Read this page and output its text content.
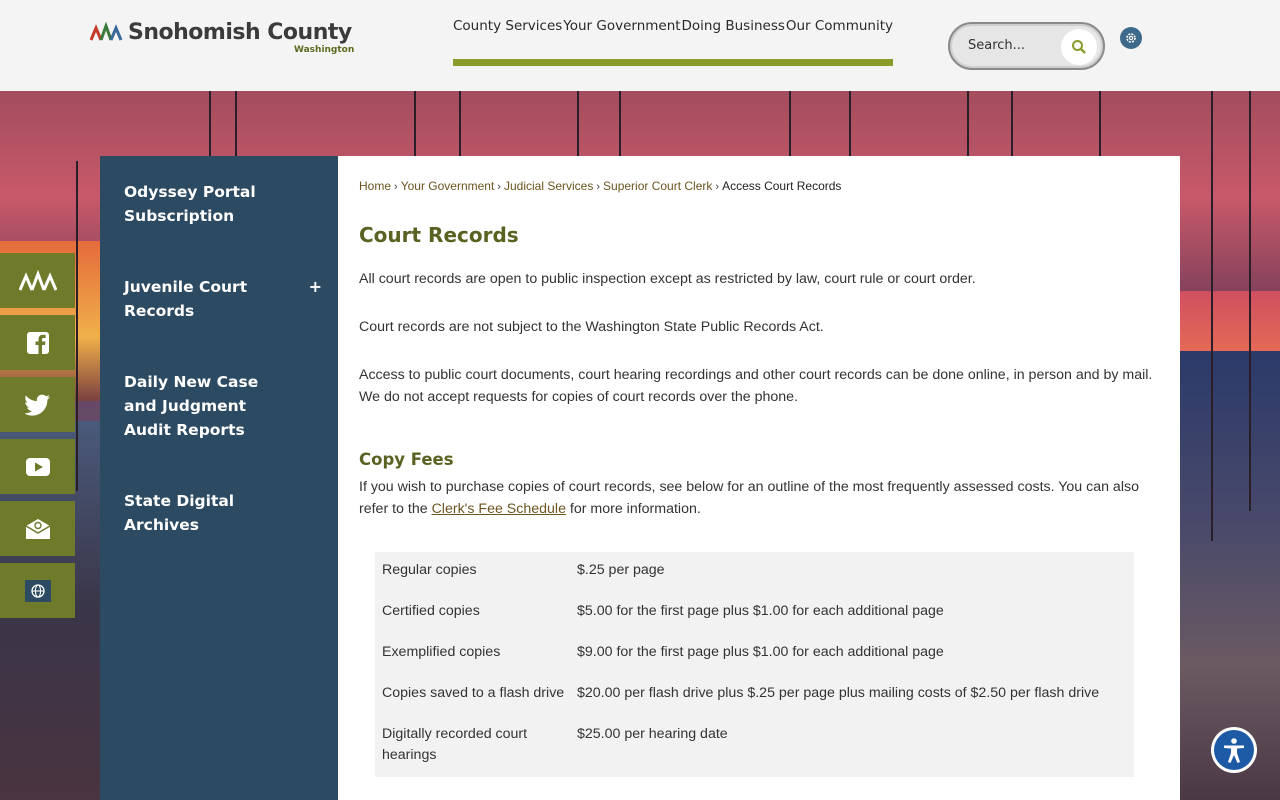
Snohomish County
Washington
County Services Your Government Doing Business Our Community
Search...
Odyssey Portal Subscription
Juvenile Court Records
+
Daily New Case and Judgment Audit Reports
State Digital Archives
Home › Your Government › Judicial Services › Superior Court Clerk › Access Court Records
Court Records

All court records are open to public inspection except as restricted by law, court rule or court order.

Court records are not subject to the Washington State Public Records Act.

Access to public court documents, court hearing recordings and other court records can be done online, in person and by mail. We do not accept requests for copies of court records over the phone.

Copy Fees

If you wish to purchase copies of court records, see below for an outline of the most frequently assessed costs. You can also refer to the Clerk's Fee Schedule for more information.

Regular copies	$.25 per page
Certified copies	$5.00 for the first page plus $1.00 for each additional page
Exemplified copies	$9.00 for the first page plus $1.00 for each additional page
Copies saved to a flash drive $20.00 per flash drive plus $.25 per page plus mailing costs of $2.50 per flash drive
Digitally recorded court hearings
$25.00 per hearing date
